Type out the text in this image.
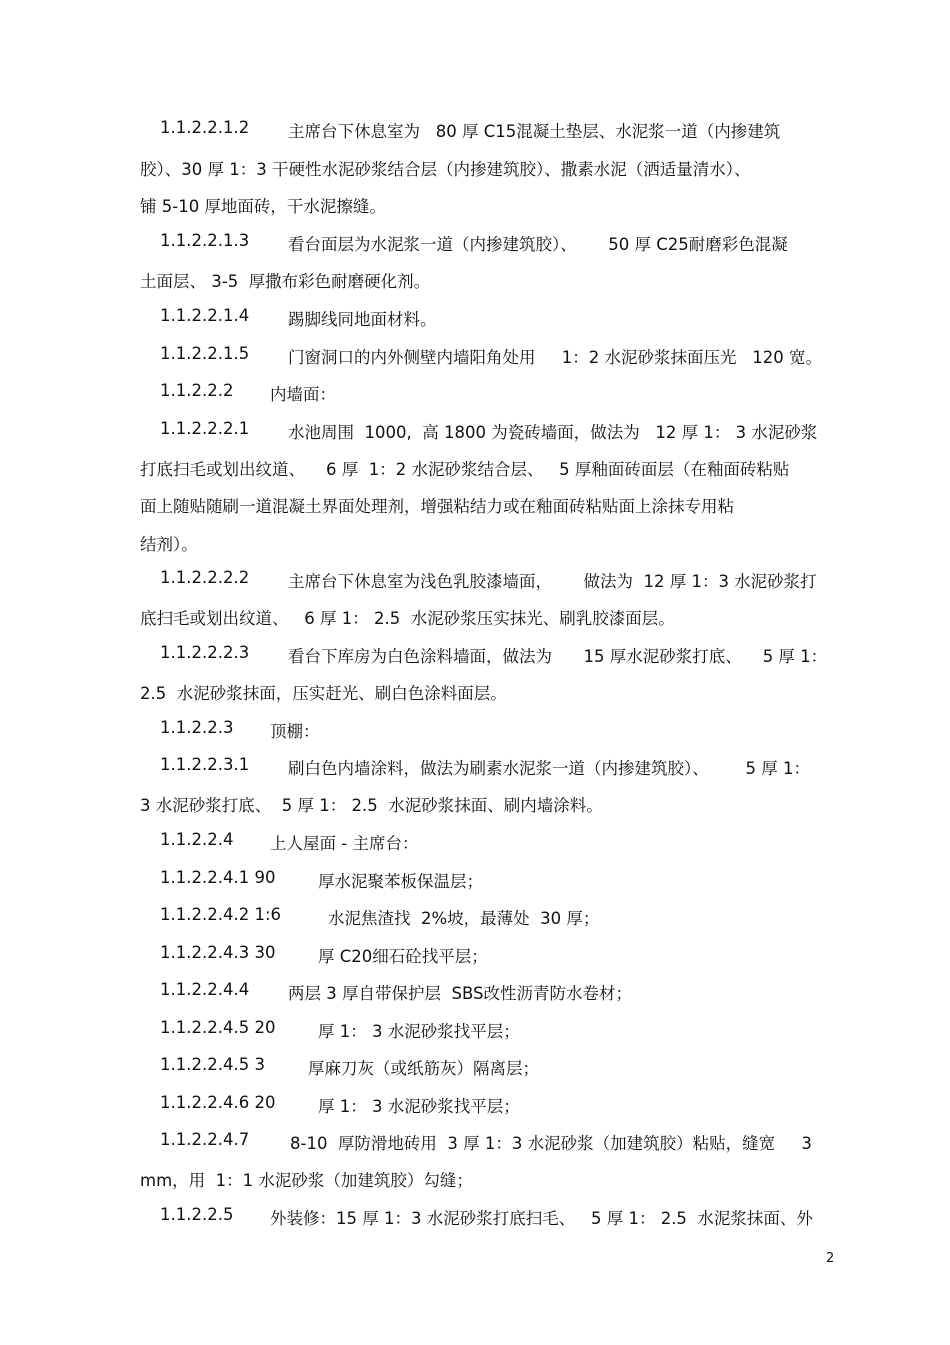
1.1.2.2.1.2 主席台下休息室为   80 厚 C15混凝土垫层、水泥浆一道（内掺建筑
胶）、30 厚 1：3 干硬性水泥砂浆结合层（内掺建筑胶）、撒素水泥（洒适量清水）、
铺 5-10 厚地面砖，干水泥擦缝。
1.1.2.2.1.3 看台面层为水泥浆一道（内掺建筑胶）、      50 厚 C25耐磨彩色混凝
土面层、 3-5  厚撒布彩色耐磨硬化剂。
1.1.2.2.1.4 踢脚线同地面材料。
1.1.2.2.1.5 门窗洞口的内外侧壁内墙阳角处用     1：2 水泥砂浆抹面压光   120 宽。
1.1.2.2.2 内墙面：
1.1.2.2.2.1 水池周围  1000,  高 1800 为瓷砖墙面，做法为   12 厚 1： 3 水泥砂浆
打底扫毛或划出纹道、    6 厚  1：2 水泥砂浆结合层、   5 厚釉面砖面层（在釉面砖粘贴
面上随贴随刷一道混凝土界面处理剂，增强粘结力或在釉面砖粘贴面上涂抹专用粘
结剂）。
1.1.2.2.2.2 主席台下休息室为浅色乳胶漆墙面，      做法为  12 厚 1：3 水泥砂浆打
底扫毛或划出纹道、   6 厚 1： 2.5  水泥砂浆压实抹光、刷乳胶漆面层。
1.1.2.2.2.3 看台下库房为白色涂料墙面，做法为      15 厚水泥砂浆打底、    5 厚 1：
2.5  水泥砂浆抹面，压实赶光、刷白色涂料面层。
1.1.2.2.3 顶棚：
1.1.2.2.3.1 刷白色内墙涂料，做法为刷素水泥浆一道（内掺建筑胶）、       5 厚 1：
3 水泥砂浆打底、  5 厚 1： 2.5  水泥砂浆抹面、刷内墙涂料。
1.1.2.2.4 上人屋面 - 主席台：
1.1.2.2.4.1 90	厚水泥聚苯板保温层；
1.1.2.2.4.2 1:6	水泥焦渣找  2%坡，最薄处  30 厚；
1.1.2.2.4.3 30	厚 C20细石砼找平层；
1.1.2.2.4.4 两层 3 厚自带保护层  SBS改性沥青防水卷材；
1.1.2.2.4.5 20	厚 1： 3 水泥砂浆找平层；
1.1.2.2.4.5 3	厚麻刀灰（或纸筋灰）隔离层；
1.1.2.2.4.6 20	厚 1： 3 水泥砂浆找平层；
1.1.2.2.4.7 8-10  厚防滑地砖用  3 厚 1：3 水泥砂浆（加建筑胶）粘贴，缝宽     3
mm，用  1：1 水泥砂浆（加建筑胶）勾缝；
1.1.2.2.5 外装修：15 厚 1：3 水泥砂浆打底扫毛、   5 厚 1： 2.5  水泥浆抹面、外
2
